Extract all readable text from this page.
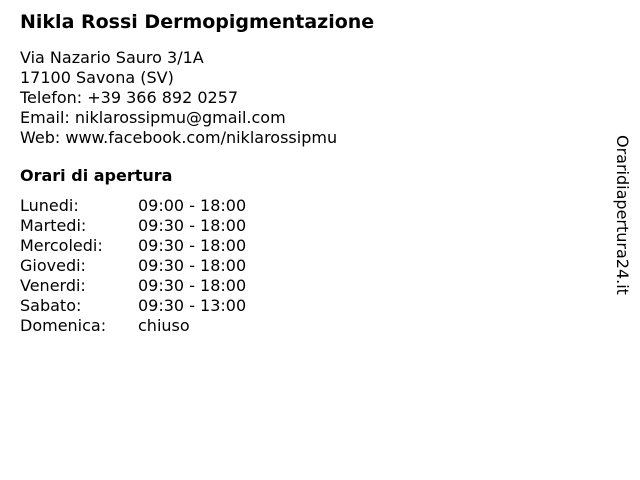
Nikla Rossi Dermopigmentazione
Via Nazario Sauro 3/1A
17100 Savona (SV)
Telefon: +39 366 892 0257
Email: niklarossipmu@gmail.com
Web: www.facebook.com/niklarossipmu
Orari di apertura
Lunedi:	09:00 - 18:00
Martedi:	09:30 - 18:00
Mercoledi:	09:30 - 18:00
Giovedi:	09:30 - 18:00
Venerdi:	09:30 - 18:00
Sabato:	09:30 - 13:00
Domenica:	chiuso
Oraridiapertura24.it
